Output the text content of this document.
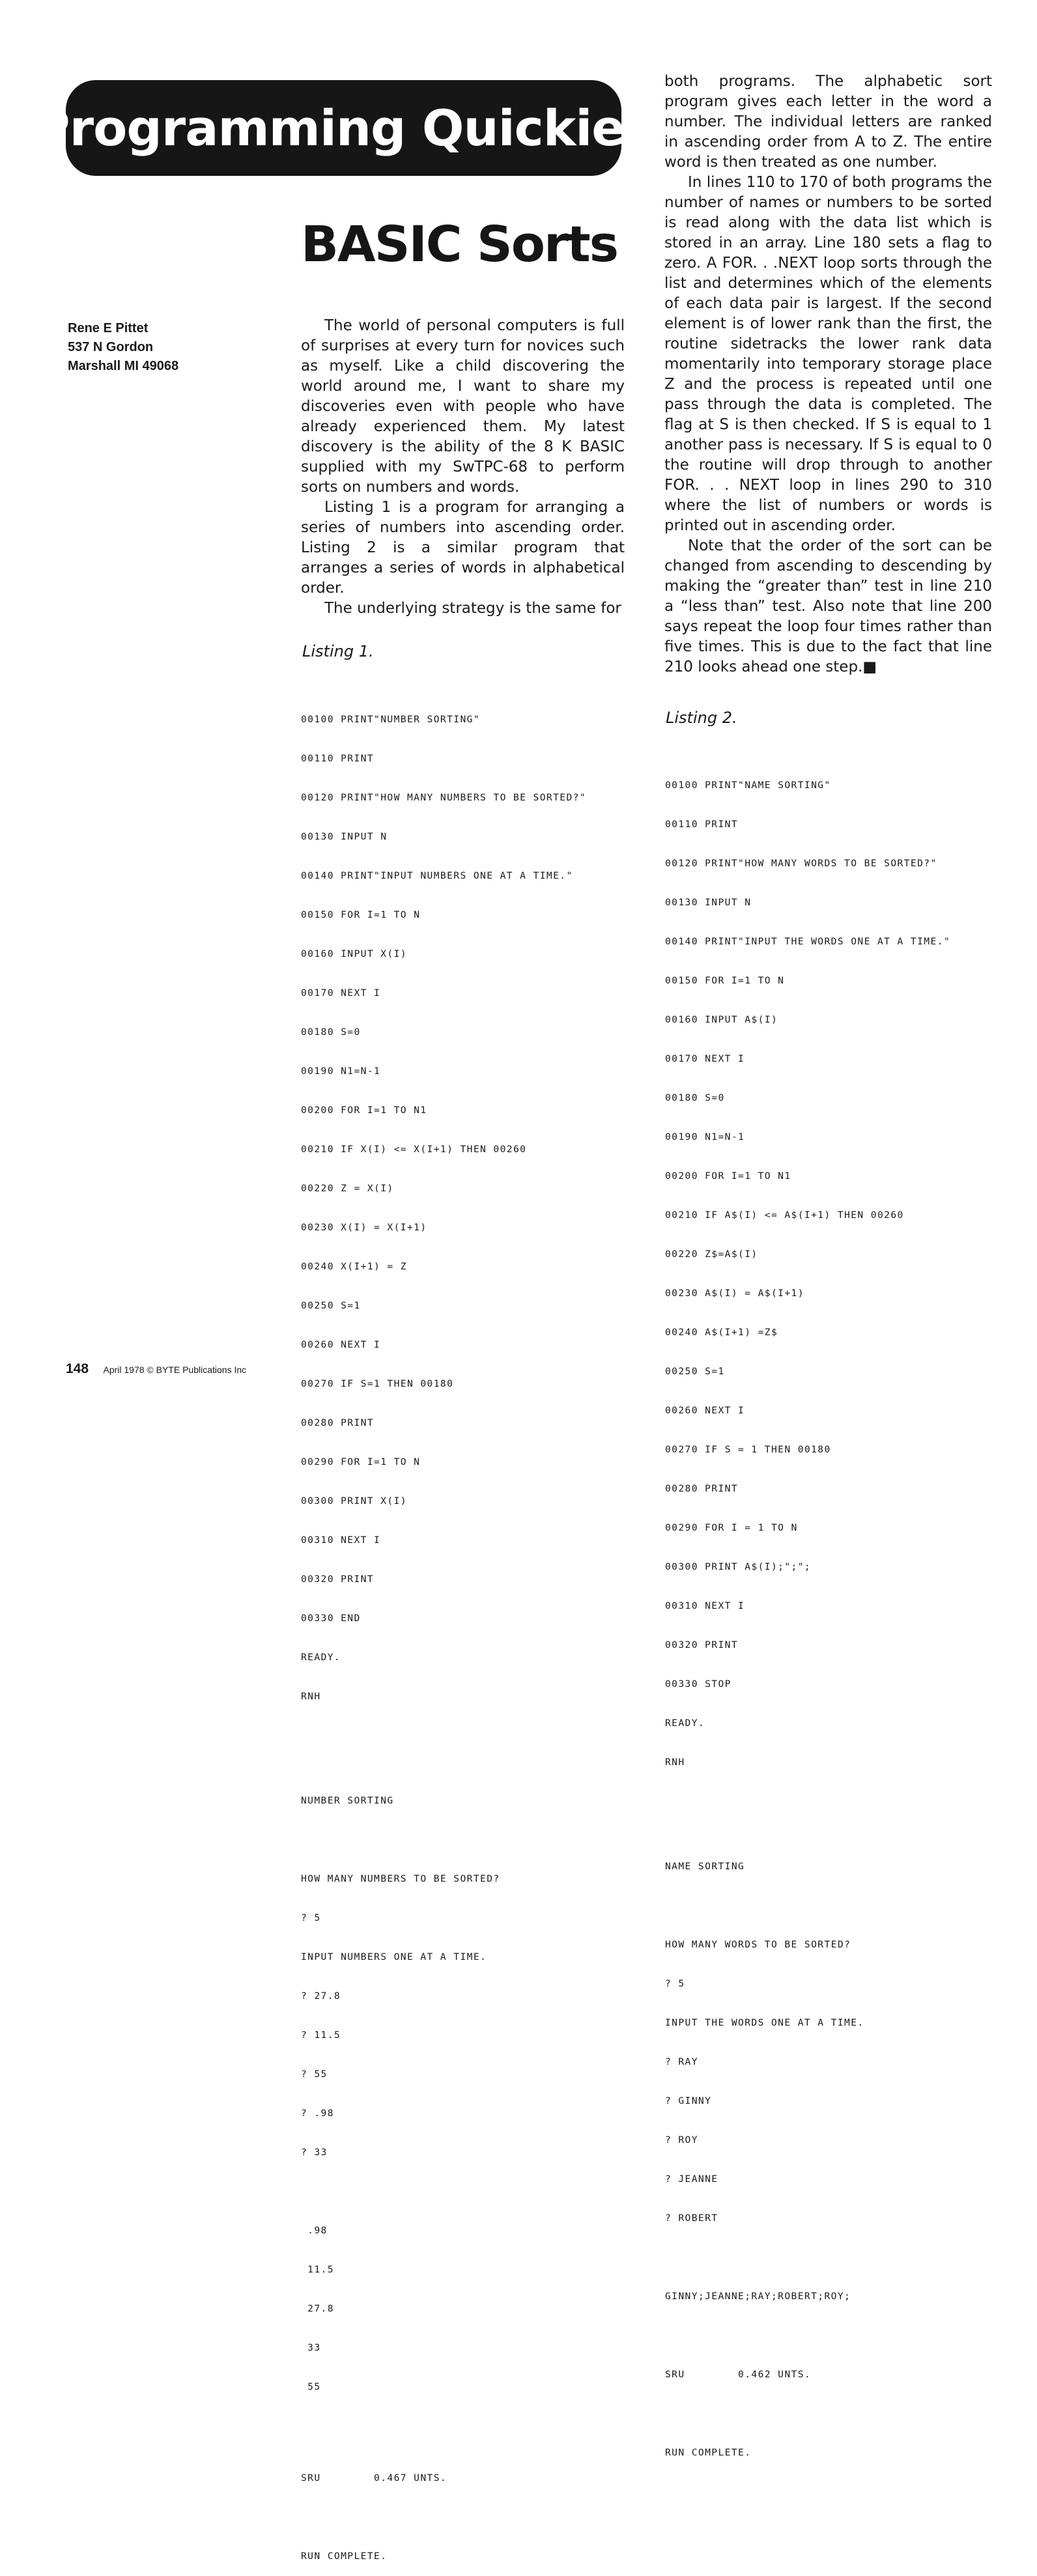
Programming Quickies
BASIC Sorts
Rene E Pittet
537 N Gordon
Marshall MI 49068

The world of personal computers is full of surprises at every turn for novices such as myself. Like a child discovering the world around me, I want to share my discoveries even with people who have already experienced them. My latest discovery is the ability of the 8 K BASIC supplied with my SwTPC-68 to perform sorts on numbers and words.

Listing 1 is a program for arranging a series of numbers into ascending order. Listing 2 is a similar program that arranges a series of words in alphabetical order.

The underlying strategy is the same for

both programs. The alphabetic sort program gives each letter in the word a number. The individual letters are ranked in ascending order from A to Z. The entire word is then treated as one number.

In lines 110 to 170 of both programs the number of names or numbers to be sorted is read along with the data list which is stored in an array. Line 180 sets a flag to zero. A FOR. . .NEXT loop sorts through the list and determines which of the elements of each data pair is largest. If the second element is of lower rank than the first, the routine sidetracks the lower rank data momentarily into temporary storage place Z and the process is repeated until one pass through the data is completed. The flag at S is then checked. If S is equal to 1 another pass is necessary. If S is equal to 0 the routine will drop through to another FOR. . . NEXT loop in lines 290 to 310 where the list of numbers or words is printed out in ascending order.

Note that the order of the sort can be changed from ascending to descending by making the “greater than” test in line 210 a “less than” test. Also note that line 200 says repeat the loop four times rather than five times. This is due to the fact that line 210 looks ahead one step.■

Listing 1.

00100 PRINT"NUMBER SORTING"

00110 PRINT

00120 PRINT"HOW MANY NUMBERS TO BE SORTED?"

00130 INPUT N

00140 PRINT"INPUT NUMBERS ONE AT A TIME."

00150 FOR I=1 TO N

00160 INPUT X(I)

00170 NEXT I

00180 S=0

00190 N1=N-1

00200 FOR I=1 TO N1

00210 IF X(I) <= X(I+1) THEN 00260

00220 Z = X(I)

00230 X(I) = X(I+1)

00240 X(I+1) = Z

00250 S=1

00260 NEXT I

00270 IF S=1 THEN 00180

00280 PRINT

00290 FOR I=1 TO N

00300 PRINT X(I)

00310 NEXT I

00320 PRINT

00330 END

READY.

RNH

NUMBER SORTING

HOW MANY NUMBERS TO BE SORTED?

? 5

INPUT NUMBERS ONE AT A TIME.

? 27.8

? 11.5

? 55

? .98

? 33

.98

11.5

27.8

33

55

SRU        0.467 UNTS.

RUN COMPLETE.

Listing 2.

00100 PRINT"NAME SORTING"

00110 PRINT

00120 PRINT"HOW MANY WORDS TO BE SORTED?"

00130 INPUT N

00140 PRINT"INPUT THE WORDS ONE AT A TIME."

00150 FOR I=1 TO N

00160 INPUT A$(I)

00170 NEXT I

00180 S=0

00190 N1=N-1

00200 FOR I=1 TO N1

00210 IF A$(I) <= A$(I+1) THEN 00260

00220 Z$=A$(I)

00230 A$(I) = A$(I+1)

00240 A$(I+1) =Z$

00250 S=1

00260 NEXT I

00270 IF S = 1 THEN 00180

00280 PRINT

00290 FOR I = 1 TO N

00300 PRINT A$(I);";";

00310 NEXT I

00320 PRINT

00330 STOP

READY.

RNH

NAME SORTING

HOW MANY WORDS TO BE SORTED?

? 5

INPUT THE WORDS ONE AT A TIME.

? RAY

? GINNY

? ROY

? JEANNE

? ROBERT

GINNY;JEANNE;RAY;ROBERT;ROY;

SRU        0.462 UNTS.

RUN COMPLETE.

148 April 1978 © BYTE Publications Inc
